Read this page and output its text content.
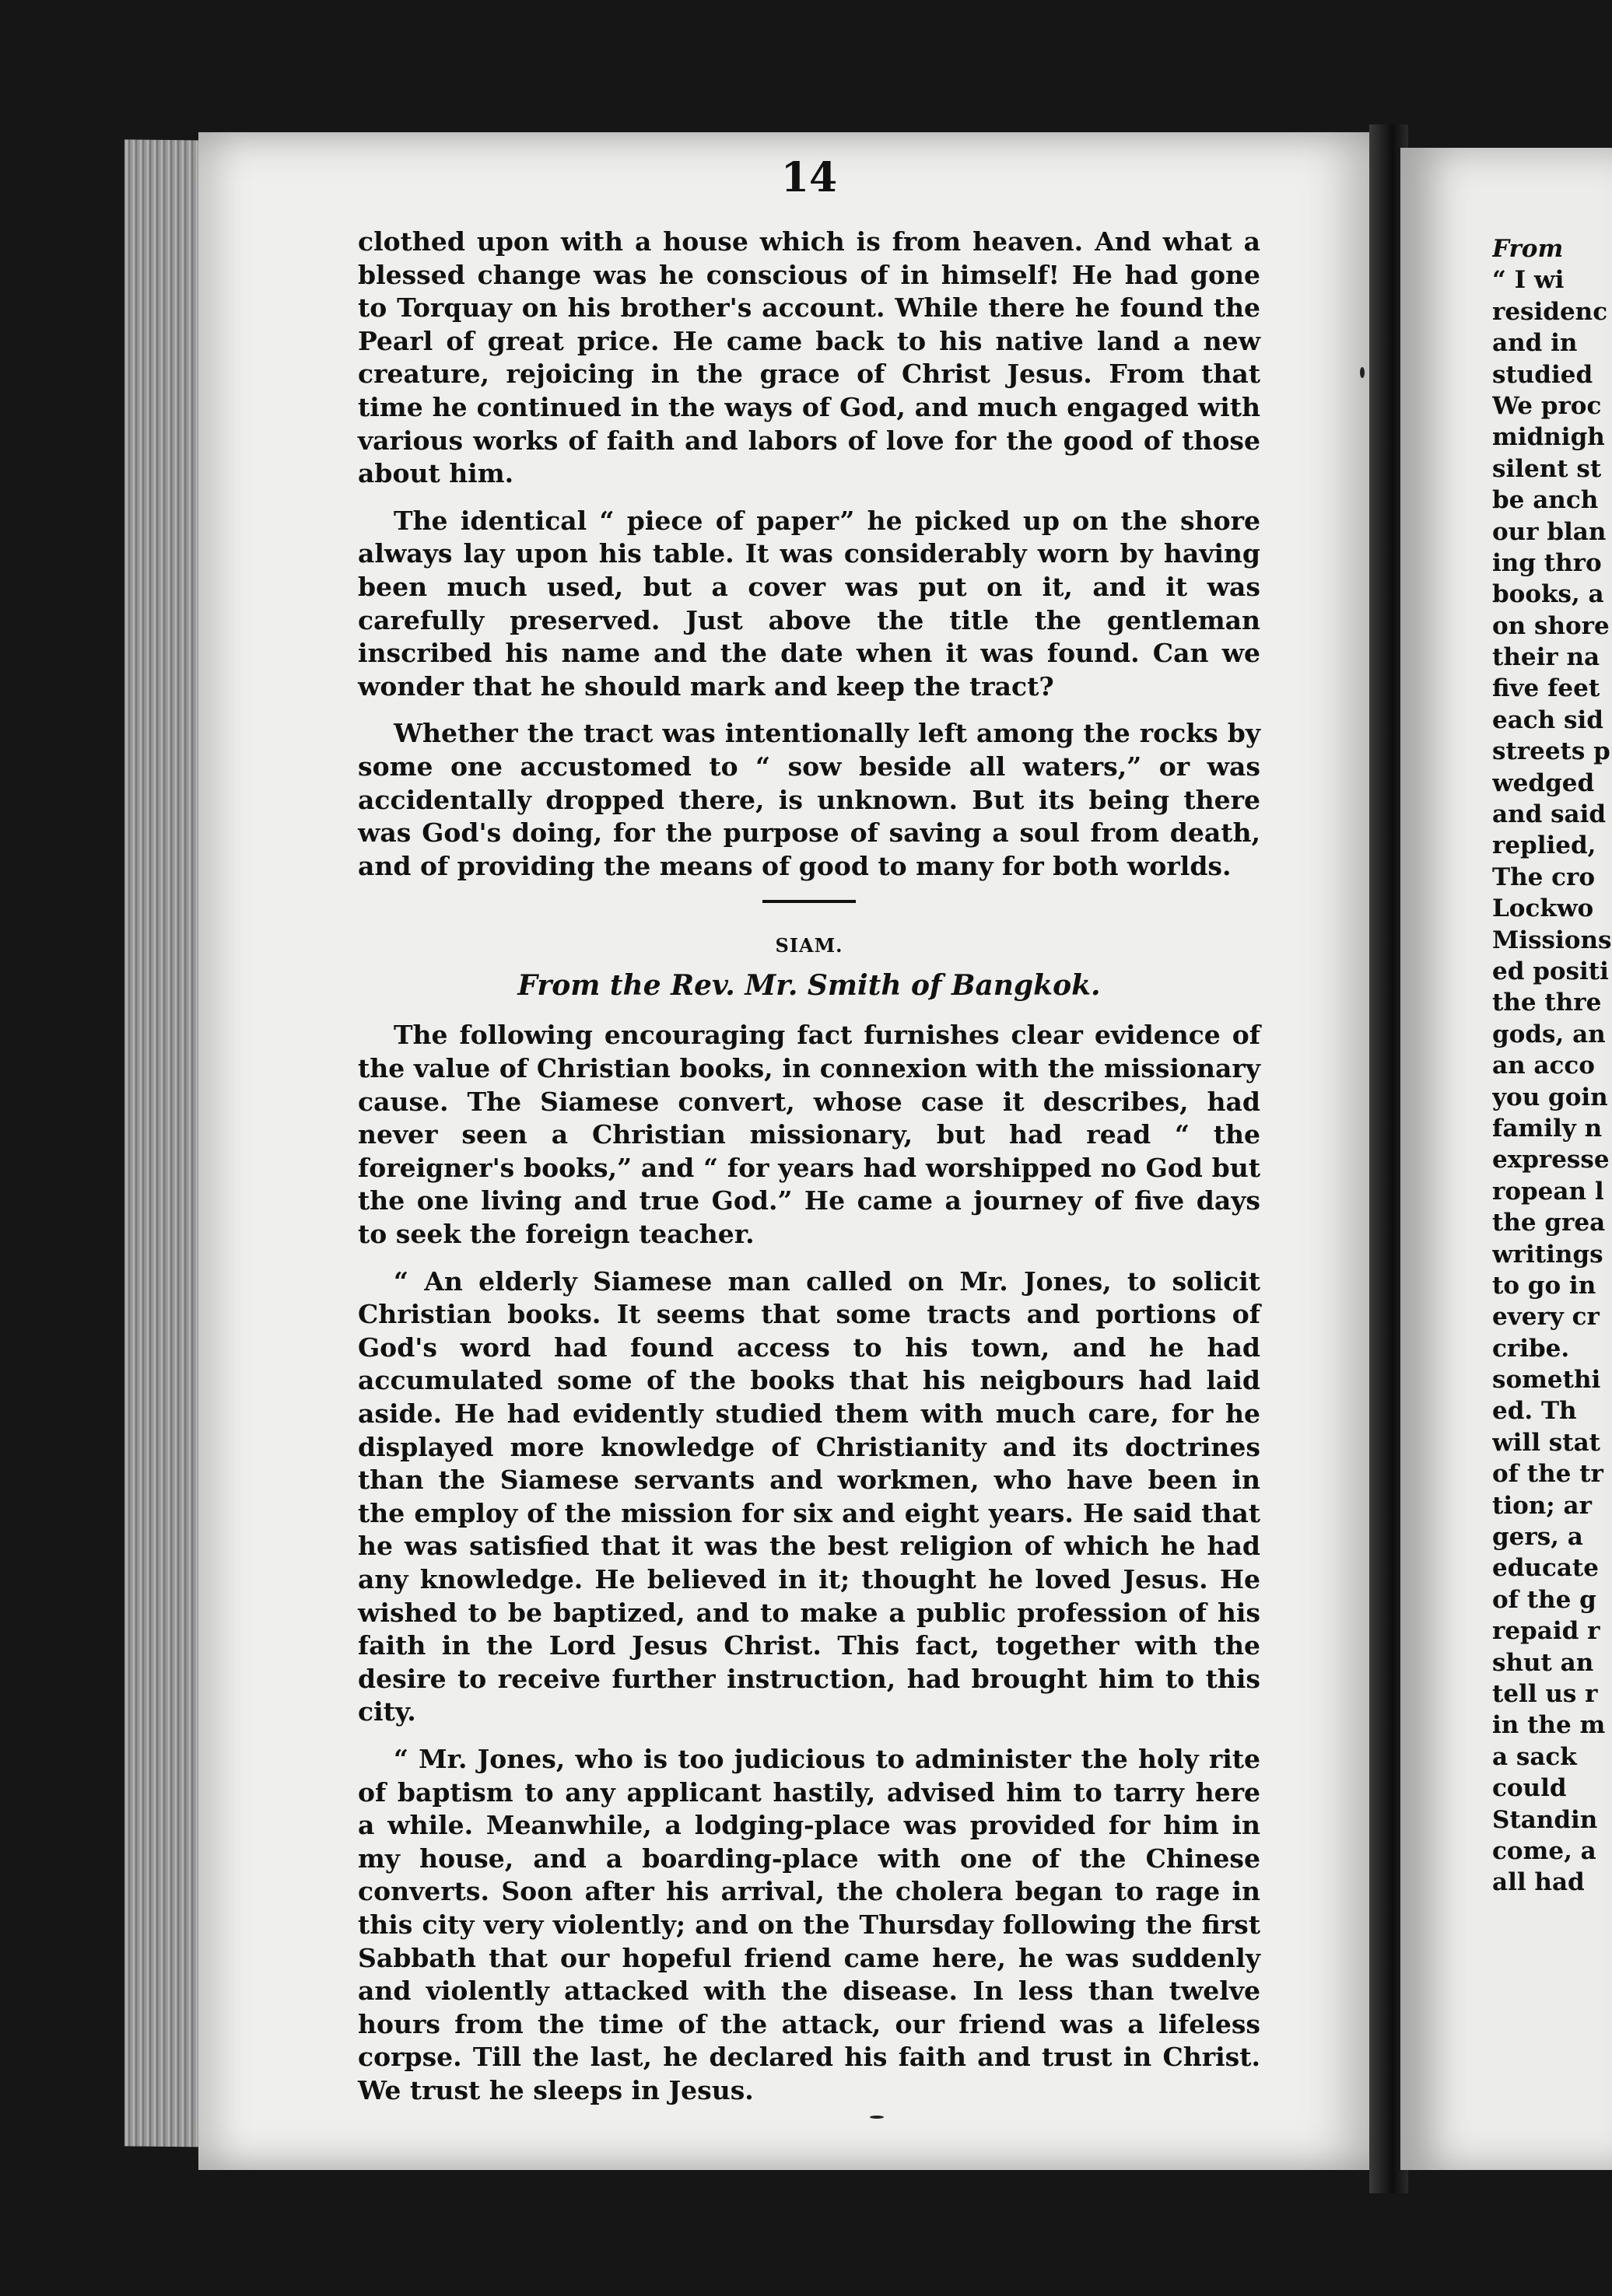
14

clothed upon with a house which is from heaven. And what a blessed change was he conscious of in himself! He had gone to Torquay on his brother's account. While there he found the Pearl of great price. He came back to his native land a new creature, rejoicing in the grace of Christ Jesus. From that time he continued in the ways of God, and much engaged with various works of faith and labors of love for the good of those about him.

The identical “ piece of paper” he picked up on the shore always lay upon his table. It was considerably worn by having been much used, but a cover was put on it, and it was carefully preserved. Just above the title the gentleman inscribed his name and the date when it was found. Can we wonder that he should mark and keep the tract?

Whether the tract was intentionally left among the rocks by some one accustomed to “ sow beside all waters,” or was accidentally dropped there, is unknown. But its being there was God's doing, for the purpose of saving a soul from death, and of providing the means of good to many for both worlds.

SIAM.

From the Rev. Mr. Smith of Bangkok.

The following encouraging fact furnishes clear evidence of the value of Christian books, in connexion with the missionary cause. The Siamese convert, whose case it describes, had never seen a Christian missionary, but had read “ the foreigner's books,” and “ for years had worshipped no God but the one living and true God.” He came a journey of five days to seek the foreign teacher.

“ An elderly Siamese man called on Mr. Jones, to solicit Christian books. It seems that some tracts and portions of God's word had found access to his town, and he had accumulated some of the books that his neigbours had laid aside. He had evidently studied them with much care, for he displayed more knowledge of Christianity and its doctrines than the Siamese servants and workmen, who have been in the employ of the mission for six and eight years. He said that he was satisfied that it was the best religion of which he had any knowledge. He believed in it; thought he loved Jesus. He wished to be baptized, and to make a public profession of his faith in the Lord Jesus Christ. This fact, together with the desire to receive further instruction, had brought him to this city.

“ Mr. Jones, who is too judicious to administer the holy rite of baptism to any applicant hastily, advised him to tarry here a while. Meanwhile, a lodging-place was provided for him in my house, and a boarding-place with one of the Chinese converts. Soon after his arrival, the cholera began to rage in this city very violently; and on the Thursday following the first Sabbath that our hopeful friend came here, he was suddenly and violently attacked with the disease. In less than twelve hours from the time of the attack, our friend was a lifeless corpse. Till the last, he declared his faith and trust in Christ. We trust he sleeps in Jesus.

From
“ I wi
residenc
and in
studied
We proc
midnigh
silent st
be anch
our blan
ing thro
books, a
on shore
their na
five feet
each sid
streets p
wedged
and said
replied,
The cro
Lockwo
Missions
ed positi
the thre
gods, an
an acco
you goin
family n
expresse
ropean l
the grea
writings
to go in
every cr
cribe.
somethi
ed. Th
will stat
of the tr
tion; ar
gers, a
educate
of the g
repaid r
shut an
tell us r
in the m
a sack
could
Standin
come, a
all had
